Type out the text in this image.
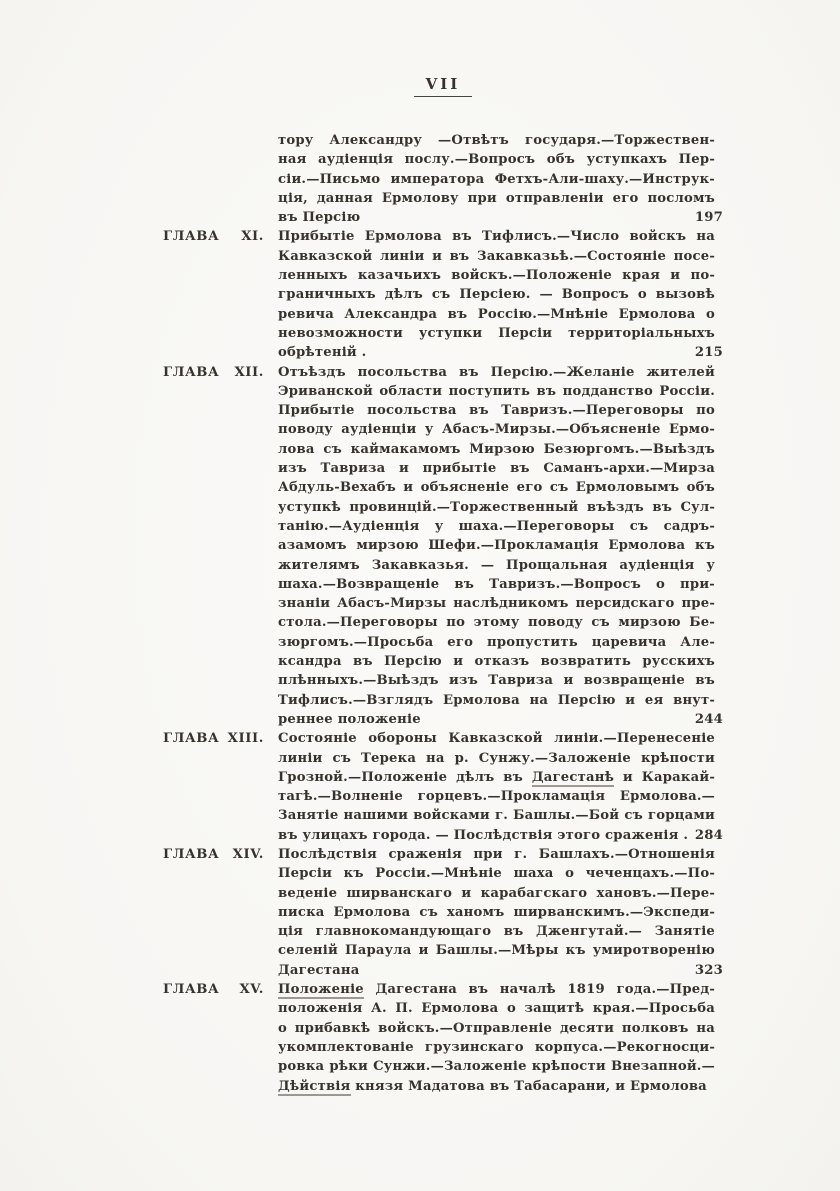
VII
тору Александру —Отвѣтъ государя.—Торжествен-
ная аудіенція послу.—Вопросъ объ уступкахъ Пер-
сіи.—Письмо императора Фетхъ-Али-шаху.—Инструк-
ція, данная Ермолову при отправленіи его посломъ
въ Персію	197
ГЛАВА XI. Прибытіе Ермолова въ Тифлисъ.—Число войскъ на
Кавказской линіи и въ Закавказьѣ.—Состояніе посе-
ленныхъ казачьихъ войскъ.—Положеніе края и по-
граничныхъ дѣлъ съ Персіею. — Вопросъ о вызовѣ
ревича Александра въ Россію.—Мнѣніе Ермолова о
невозможности уступки Персіи территоріальныхъ
обрѣтеній .	215
ГЛАВА XII. Отъѣздъ посольства въ Персію.—Желаніе жителей
Эриванской области поступить въ подданство Россіи.
Прибытіе посольства въ Тавризъ.—Переговоры по
поводу аудіенціи у Абасъ-Мирзы.—Объясненіе Ермо-
лова съ каймакамомъ Мирзою Безюргомъ.—Выѣздъ
изъ Тавриза и прибытіе въ Саманъ-архи.—Мирза
Абдуль-Вехабъ и объясненіе его съ Ермоловымъ объ
уступкѣ провинцій.—Торжественный въѣздъ въ Сул-
танію.—Аудіенція у шаха.—Переговоры съ садръ-
азамомъ мирзою Шефи.—Прокламація Ермолова къ
жителямъ Закавказья. — Прощальная аудіенція у
шаха.—Возвращеніе въ Тавризъ.—Вопросъ о при-
знаніи Абасъ-Мирзы наслѣдникомъ персидскаго пре-
стола.—Переговоры по этому поводу съ мирзою Бе-
зюргомъ.—Просьба его пропустить царевича Але-
ксандра въ Персію и отказъ возвратить русскихъ
плѣнныхъ.—Выѣздъ изъ Тавриза и возвращеніе въ
Тифлисъ.—Взглядъ Ермолова на Персію и ея внут-
реннее положеніе	244
ГЛАВА XIII. Состояніе обороны Кавказской линіи.—Перенесеніе
линіи съ Терека на р. Сунжу.—Заложеніе крѣпости
Грозной.—Положеніе дѣлъ въ Дагестанѣ и Каракай-
тагѣ.—Волненіе горцевъ.—Прокламація Ермолова.—
Занятіе нашими войсками г. Башлы.—Бой съ горцами
въ улицахъ города. — Послѣдствія этого сраженія . 284
ГЛАВА XIV. Послѣдствія сраженія при г. Башлахъ.—Отношенія
Персіи къ Россіи.—Мнѣніе шаха о чеченцахъ.—По-
веденіе ширванскаго и карабагскаго хановъ.—Пере-
писка Ермолова съ ханомъ ширванскимъ.—Экспеди-
ція главнокомандующаго въ Дженгутай.— Занятіе
селеній Параула и Башлы.—Мѣры къ умиротворенію
Дагестана	323
ГЛАВА XV. Положеніе Дагестана въ началѣ 1819 года.—Пред-
положенія А. П. Ермолова о защитѣ края.—Просьба
о прибавкѣ войскъ.—Отправленіе десяти полковъ на
укомплектованіе грузинскаго корпуса.—Рекогносци-
ровка рѣки Сунжи.—Заложеніе крѣпости Внезапной.—
Дѣйствія князя Мадатова въ Табасарани, и Ермолова
